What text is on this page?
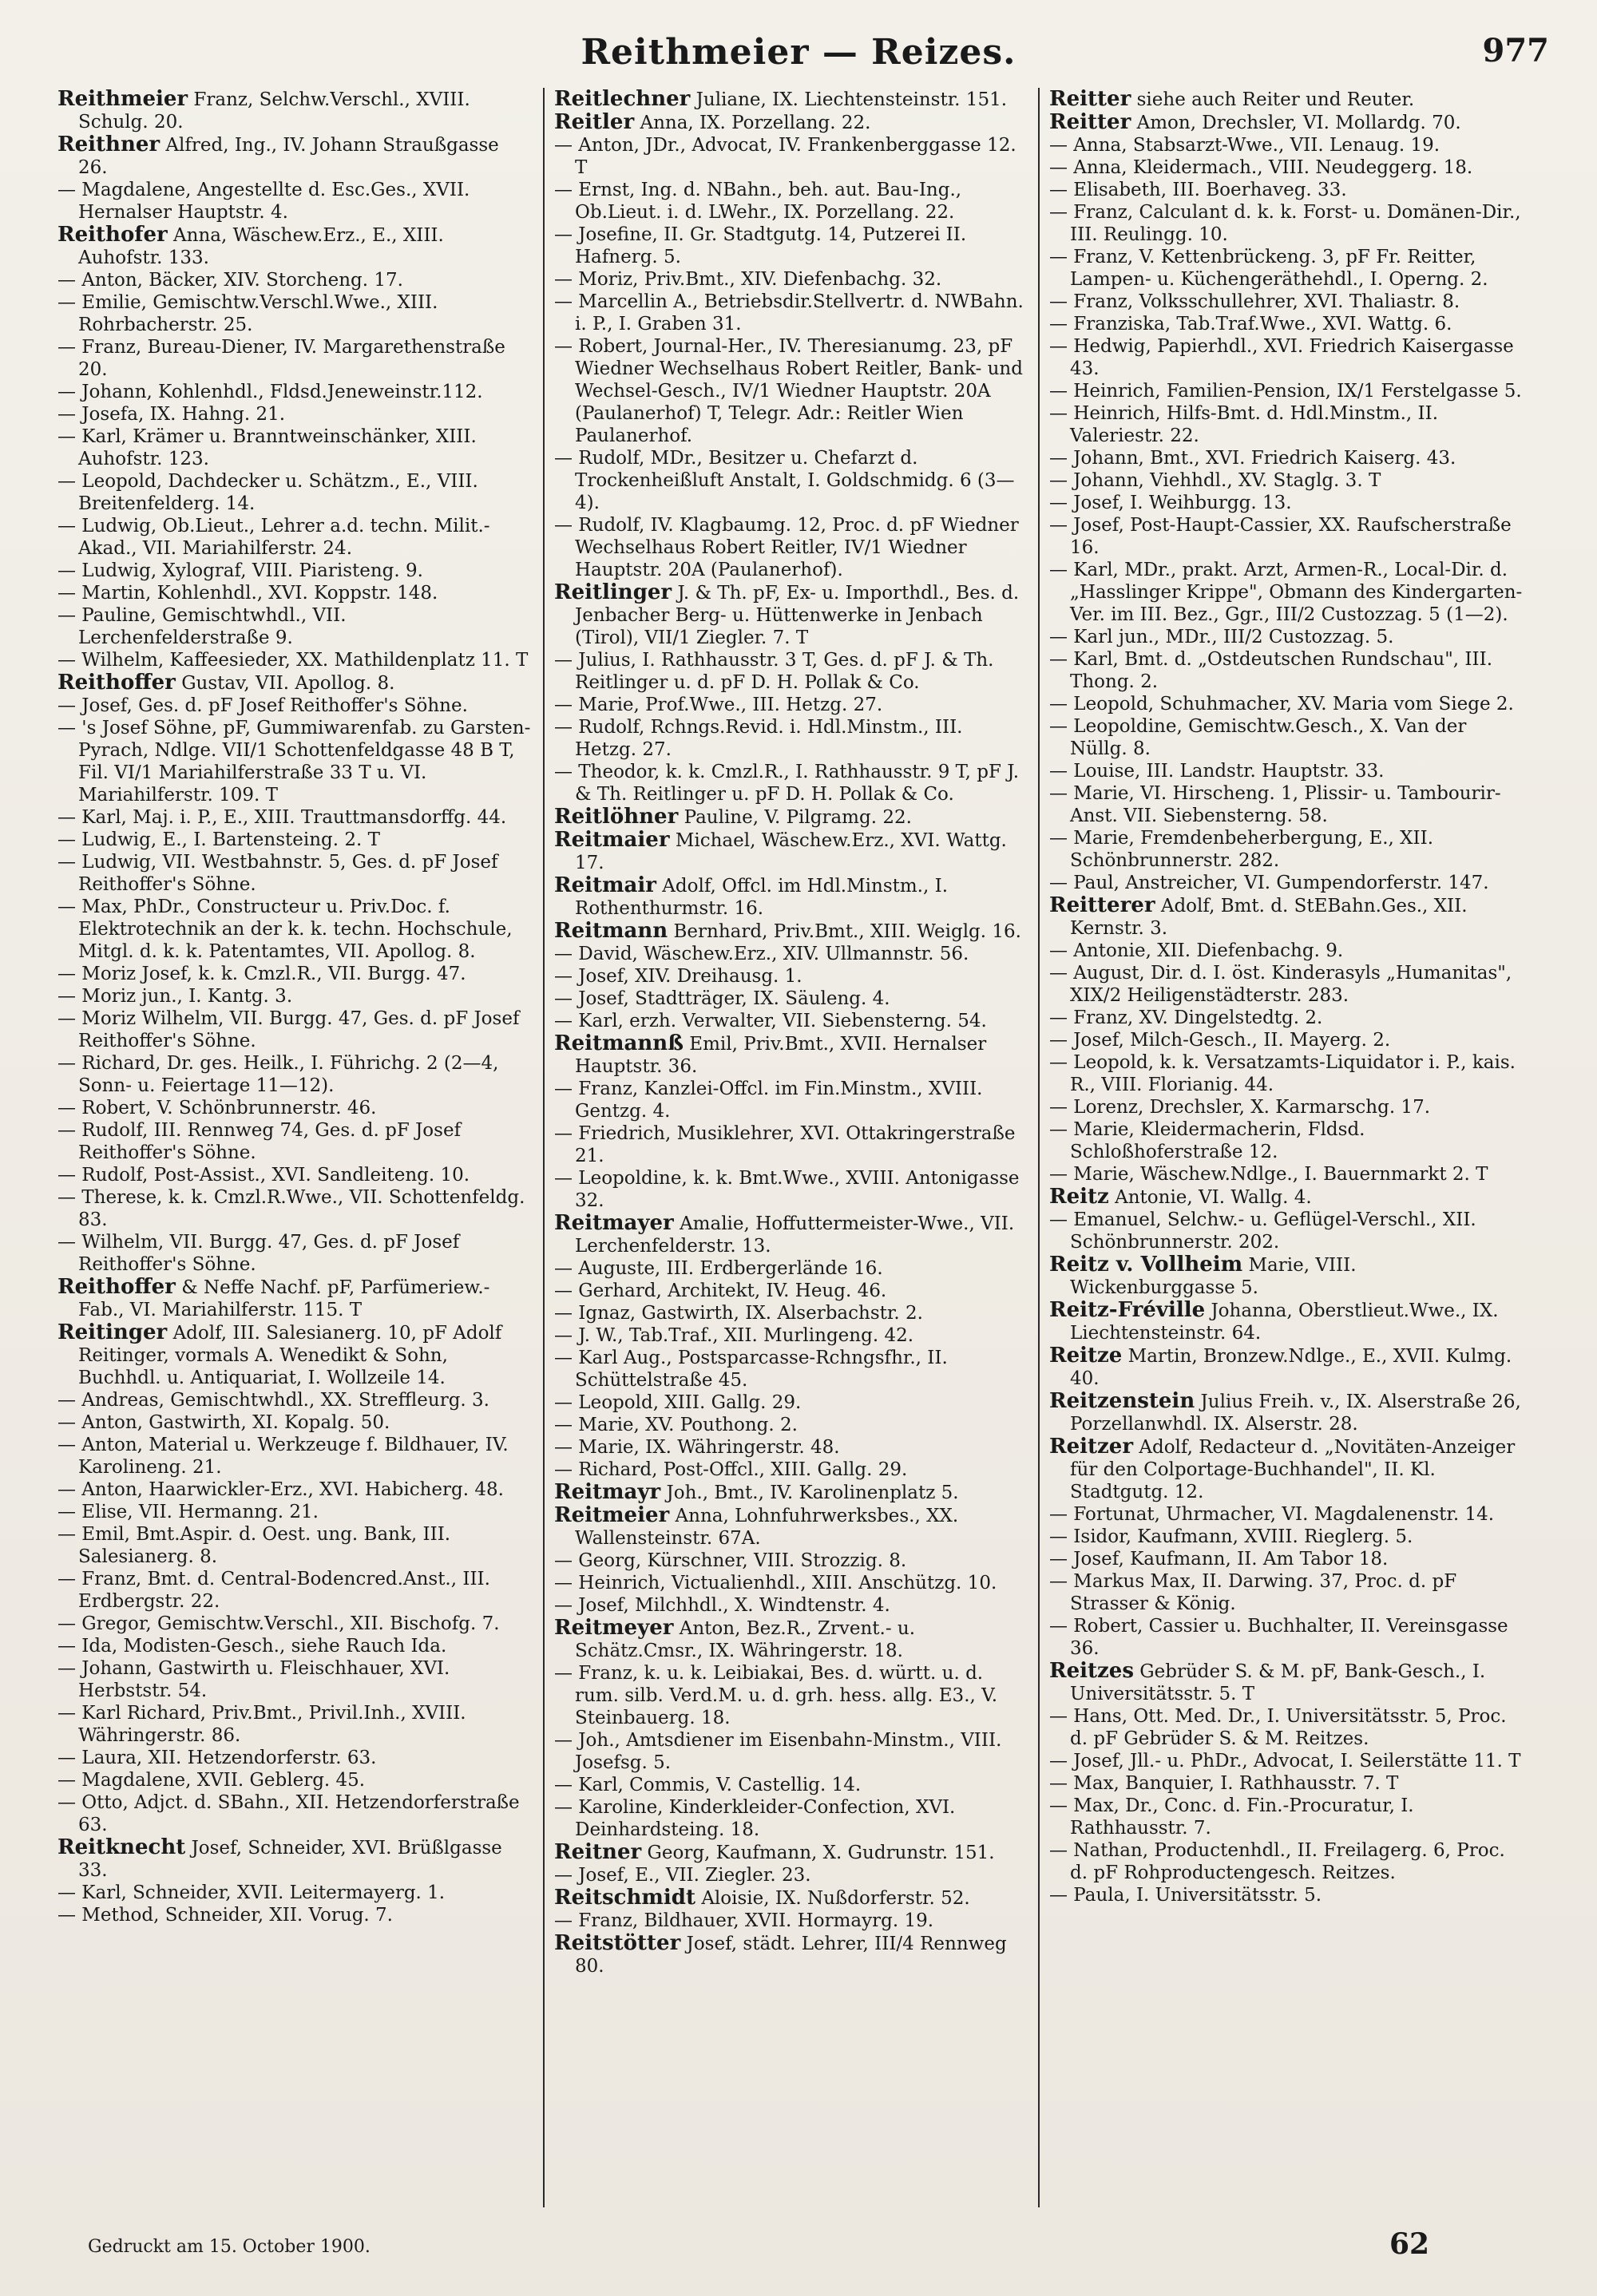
Reithmeier — Reizes.	977

Reithmeier Franz, Selchw.Verschl., XVIII. Schulg. 20.

Reithner Alfred, Ing., IV. Johann Straußgasse 26.

— Magdalene, Angestellte d. Esc.Ges., XVII. Hernalser Hauptstr. 4.

Reithofer Anna, Wäschew.Erz., E., XIII. Auhofstr. 133.

— Anton, Bäcker, XIV. Storcheng. 17.

— Emilie, Gemischtw.Verschl.Wwe., XIII. Rohrbacherstr. 25.

— Franz, Bureau-Diener, IV. Margarethenstraße 20.

— Johann, Kohlenhdl., Fldsd.Jeneweinstr.112.

— Josefa, IX. Hahng. 21.

— Karl, Krämer u. Branntweinschänker, XIII. Auhofstr. 123.

— Leopold, Dachdecker u. Schätzm., E., VIII. Breitenfelderg. 14.

— Ludwig, Ob.Lieut., Lehrer a.d. techn. Milit.-Akad., VII. Mariahilferstr. 24.

— Ludwig, Xylograf, VIII. Piaristeng. 9.

— Martin, Kohlenhdl., XVI. Koppstr. 148.

— Pauline, Gemischtwhdl., VII. Lerchenfelderstraße 9.

— Wilhelm, Kaffeesieder, XX. Mathildenplatz 11. T

Reithoffer Gustav, VII. Apollog. 8.

— Josef, Ges. d. pF Josef Reithoffer's Söhne.

— 's Josef Söhne, pF, Gummiwarenfab. zu Garsten-Pyrach, Ndlge. VII/1 Schottenfeldgasse 48 B T, Fil. VI/1 Mariahilferstraße 33 T u. VI. Mariahilferstr. 109. T

— Karl, Maj. i. P., E., XIII. Trauttmansdorffg. 44.

— Ludwig, E., I. Bartensteing. 2. T

— Ludwig, VII. Westbahnstr. 5, Ges. d. pF Josef Reithoffer's Söhne.

— Max, PhDr., Constructeur u. Priv.Doc. f. Elektrotechnik an der k. k. techn. Hochschule, Mitgl. d. k. k. Patentamtes, VII. Apollog. 8.

— Moriz Josef, k. k. Cmzl.R., VII. Burgg. 47.

— Moriz jun., I. Kantg. 3.

— Moriz Wilhelm, VII. Burgg. 47, Ges. d. pF Josef Reithoffer's Söhne.

— Richard, Dr. ges. Heilk., I. Führichg. 2 (2—4, Sonn- u. Feiertage 11—12).

— Robert, V. Schönbrunnerstr. 46.

— Rudolf, III. Rennweg 74, Ges. d. pF Josef Reithoffer's Söhne.

— Rudolf, Post-Assist., XVI. Sandleiteng. 10.

— Therese, k. k. Cmzl.R.Wwe., VII. Schottenfeldg. 83.

— Wilhelm, VII. Burgg. 47, Ges. d. pF Josef Reithoffer's Söhne.

Reithoffer & Neffe Nachf. pF, Parfümeriew.-Fab., VI. Mariahilferstr. 115. T

Reitinger Adolf, III. Salesianerg. 10, pF Adolf Reitinger, vormals A. Wenedikt & Sohn, Buchhdl. u. Antiquariat, I. Wollzeile 14.

— Andreas, Gemischtwhdl., XX. Streffleurg. 3.

— Anton, Gastwirth, XI. Kopalg. 50.

— Anton, Material u. Werkzeuge f. Bildhauer, IV. Karolineng. 21.

— Anton, Haarwickler-Erz., XVI. Habicherg. 48.

— Elise, VII. Hermanng. 21.

— Emil, Bmt.Aspir. d. Oest. ung. Bank, III. Salesianerg. 8.

— Franz, Bmt. d. Central-Bodencred.Anst., III. Erdbergstr. 22.

— Gregor, Gemischtw.Verschl., XII. Bischofg. 7.

— Ida, Modisten-Gesch., siehe Rauch Ida.

— Johann, Gastwirth u. Fleischhauer, XVI. Herbststr. 54.

— Karl Richard, Priv.Bmt., Privil.Inh., XVIII. Währingerstr. 86.

— Laura, XII. Hetzendorferstr. 63.

— Magdalene, XVII. Geblerg. 45.

— Otto, Adjct. d. SBahn., XII. Hetzendorferstraße 63.

Reitknecht Josef, Schneider, XVI. Brüßlgasse 33.

— Karl, Schneider, XVII. Leitermayerg. 1.

— Method, Schneider, XII. Vorug. 7.

Reitlechner Juliane, IX. Liechtensteinstr. 151.

Reitler Anna, IX. Porzellang. 22.

— Anton, JDr., Advocat, IV. Frankenberggasse 12. T

— Ernst, Ing. d. NBahn., beh. aut. Bau-Ing., Ob.Lieut. i. d. LWehr., IX. Porzellang. 22.

— Josefine, II. Gr. Stadtgutg. 14, Putzerei II. Hafnerg. 5.

— Moriz, Priv.Bmt., XIV. Diefenbachg. 32.

— Marcellin A., Betriebsdir.Stellvertr. d. NWBahn. i. P., I. Graben 31.

— Robert, Journal-Her., IV. Theresianumg. 23, pF Wiedner Wechselhaus Robert Reitler, Bank- und Wechsel-Gesch., IV/1 Wiedner Hauptstr. 20A (Paulanerhof) T, Telegr. Adr.: Reitler Wien Paulanerhof.

— Rudolf, MDr., Besitzer u. Chefarzt d. Trockenheißluft Anstalt, I. Goldschmidg. 6 (3—4).

— Rudolf, IV. Klagbaumg. 12, Proc. d. pF Wiedner Wechselhaus Robert Reitler, IV/1 Wiedner Hauptstr. 20A (Paulanerhof).

Reitlinger J. & Th. pF, Ex- u. Importhdl., Bes. d. Jenbacher Berg- u. Hüttenwerke in Jenbach (Tirol), VII/1 Ziegler. 7. T

— Julius, I. Rathhausstr. 3 T, Ges. d. pF J. & Th. Reitlinger u. d. pF D. H. Pollak & Co.

— Marie, Prof.Wwe., III. Hetzg. 27.

— Rudolf, Rchngs.Revid. i. Hdl.Minstm., III. Hetzg. 27.

— Theodor, k. k. Cmzl.R., I. Rathhausstr. 9 T, pF J. & Th. Reitlinger u. pF D. H. Pollak & Co.

Reitlöhner Pauline, V. Pilgramg. 22.

Reitmaier Michael, Wäschew.Erz., XVI. Wattg. 17.

Reitmair Adolf, Offcl. im Hdl.Minstm., I. Rothenthurmstr. 16.

Reitmann Bernhard, Priv.Bmt., XIII. Weiglg. 16.

— David, Wäschew.Erz., XIV. Ullmannstr. 56.

— Josef, XIV. Dreihausg. 1.

— Josef, Stadtträger, IX. Säuleng. 4.

— Karl, erzh. Verwalter, VII. Siebensterng. 54.

Reitmannß Emil, Priv.Bmt., XVII. Hernalser Hauptstr. 36.

— Franz, Kanzlei-Offcl. im Fin.Minstm., XVIII. Gentzg. 4.

— Friedrich, Musiklehrer, XVI. Ottakringerstraße 21.

— Leopoldine, k. k. Bmt.Wwe., XVIII. Antonigasse 32.

Reitmayer Amalie, Hoffuttermeister-Wwe., VII. Lerchenfelderstr. 13.

— Auguste, III. Erdbergerlände 16.

— Gerhard, Architekt, IV. Heug. 46.

— Ignaz, Gastwirth, IX. Alserbachstr. 2.

— J. W., Tab.Traf., XII. Murlingeng. 42.

— Karl Aug., Postsparcasse-Rchngsfhr., II. Schüttelstraße 45.

— Leopold, XIII. Gallg. 29.

— Marie, XV. Pouthong. 2.

— Marie, IX. Währingerstr. 48.

— Richard, Post-Offcl., XIII. Gallg. 29.

Reitmayr Joh., Bmt., IV. Karolinenplatz 5.

Reitmeier Anna, Lohnfuhrwerksbes., XX. Wallensteinstr. 67A.

— Georg, Kürschner, VIII. Strozzig. 8.

— Heinrich, Victualienhdl., XIII. Anschützg. 10.

— Josef, Milchhdl., X. Windtenstr. 4.

Reitmeyer Anton, Bez.R., Zrvent.- u. Schätz.Cmsr., IX. Währingerstr. 18.

— Franz, k. u. k. Leibiakai, Bes. d. württ. u. d. rum. silb. Verd.M. u. d. grh. hess. allg. E3., V. Steinbauerg. 18.

— Joh., Amtsdiener im Eisenbahn-Minstm., VIII. Josefsg. 5.

— Karl, Commis, V. Castellig. 14.

— Karoline, Kinderkleider-Confection, XVI. Deinhardsteing. 18.

Reitner Georg, Kaufmann, X. Gudrunstr. 151.

— Josef, E., VII. Ziegler. 23.

Reitschmidt Aloisie, IX. Nußdorferstr. 52.

— Franz, Bildhauer, XVII. Hormayrg. 19.

Reitstötter Josef, städt. Lehrer, III/4 Rennweg 80.

Reitter siehe auch Reiter und Reuter.

Reitter Amon, Drechsler, VI. Mollardg. 70.

— Anna, Stabsarzt-Wwe., VII. Lenaug. 19.

— Anna, Kleidermach., VIII. Neudeggerg. 18.

— Elisabeth, III. Boerhaveg. 33.

— Franz, Calculant d. k. k. Forst- u. Domänen-Dir., III. Reulingg. 10.

— Franz, V. Kettenbrückeng. 3, pF Fr. Reitter, Lampen- u. Küchengeräthehdl., I. Operng. 2.

— Franz, Volksschullehrer, XVI. Thaliastr. 8.

— Franziska, Tab.Traf.Wwe., XVI. Wattg. 6.

— Hedwig, Papierhdl., XVI. Friedrich Kaisergasse 43.

— Heinrich, Familien-Pension, IX/1 Ferstelgasse 5.

— Heinrich, Hilfs-Bmt. d. Hdl.Minstm., II. Valeriestr. 22.

— Johann, Bmt., XVI. Friedrich Kaiserg. 43.

— Johann, Viehhdl., XV. Staglg. 3. T

— Josef, I. Weihburgg. 13.

— Josef, Post-Haupt-Cassier, XX. Raufscherstraße 16.

— Karl, MDr., prakt. Arzt, Armen-R., Local-Dir. d. „Hasslinger Krippe", Obmann des Kindergarten-Ver. im III. Bez., Ggr., III/2 Custozzag. 5 (1—2).

— Karl jun., MDr., III/2 Custozzag. 5.

— Karl, Bmt. d. „Ostdeutschen Rundschau", III. Thong. 2.

— Leopold, Schuhmacher, XV. Maria vom Siege 2.

— Leopoldine, Gemischtw.Gesch., X. Van der Nüllg. 8.

— Louise, III. Landstr. Hauptstr. 33.

— Marie, VI. Hirscheng. 1, Plissir- u. Tambourir-Anst. VII. Siebensterng. 58.

— Marie, Fremdenbeherbergung, E., XII. Schönbrunnerstr. 282.

— Paul, Anstreicher, VI. Gumpendorferstr. 147.

Reitterer Adolf, Bmt. d. StEBahn.Ges., XII. Kernstr. 3.

— Antonie, XII. Diefenbachg. 9.

— August, Dir. d. I. öst. Kinderasyls „Humanitas", XIX/2 Heiligenstädterstr. 283.

— Franz, XV. Dingelstedtg. 2.

— Josef, Milch-Gesch., II. Mayerg. 2.

— Leopold, k. k. Versatzamts-Liquidator i. P., kais. R., VIII. Florianig. 44.

— Lorenz, Drechsler, X. Karmarschg. 17.

— Marie, Kleidermacherin, Fldsd. Schloßhoferstraße 12.

— Marie, Wäschew.Ndlge., I. Bauernmarkt 2. T

Reitz Antonie, VI. Wallg. 4.

— Emanuel, Selchw.- u. Geflügel-Verschl., XII. Schönbrunnerstr. 202.

Reitz v. Vollheim Marie, VIII. Wickenburggasse 5.

Reitz-Fréville Johanna, Oberstlieut.Wwe., IX. Liechtensteinstr. 64.

Reitze Martin, Bronzew.Ndlge., E., XVII. Kulmg. 40.

Reitzenstein Julius Freih. v., IX. Alserstraße 26, Porzellanwhdl. IX. Alserstr. 28.

Reitzer Adolf, Redacteur d. „Novitäten-Anzeiger für den Colportage-Buchhandel", II. Kl. Stadtgutg. 12.

— Fortunat, Uhrmacher, VI. Magdalenenstr. 14.

— Isidor, Kaufmann, XVIII. Rieglerg. 5.

— Josef, Kaufmann, II. Am Tabor 18.

— Markus Max, II. Darwing. 37, Proc. d. pF Strasser & König.

— Robert, Cassier u. Buchhalter, II. Vereinsgasse 36.

Reitzes Gebrüder S. & M. pF, Bank-Gesch., I. Universitätsstr. 5. T

— Hans, Ott. Med. Dr., I. Universitätsstr. 5, Proc. d. pF Gebrüder S. & M. Reitzes.

— Josef, Jll.- u. PhDr., Advocat, I. Seilerstätte 11. T

— Max, Banquier, I. Rathhausstr. 7. T

— Max, Dr., Conc. d. Fin.-Procuratur, I. Rathhausstr. 7.

— Nathan, Productenhdl., II. Freilagerg. 6, Proc. d. pF Rohproductengesch. Reitzes.

— Paula, I. Universitätsstr. 5.

Gedruckt am 15. October 1900.	62
